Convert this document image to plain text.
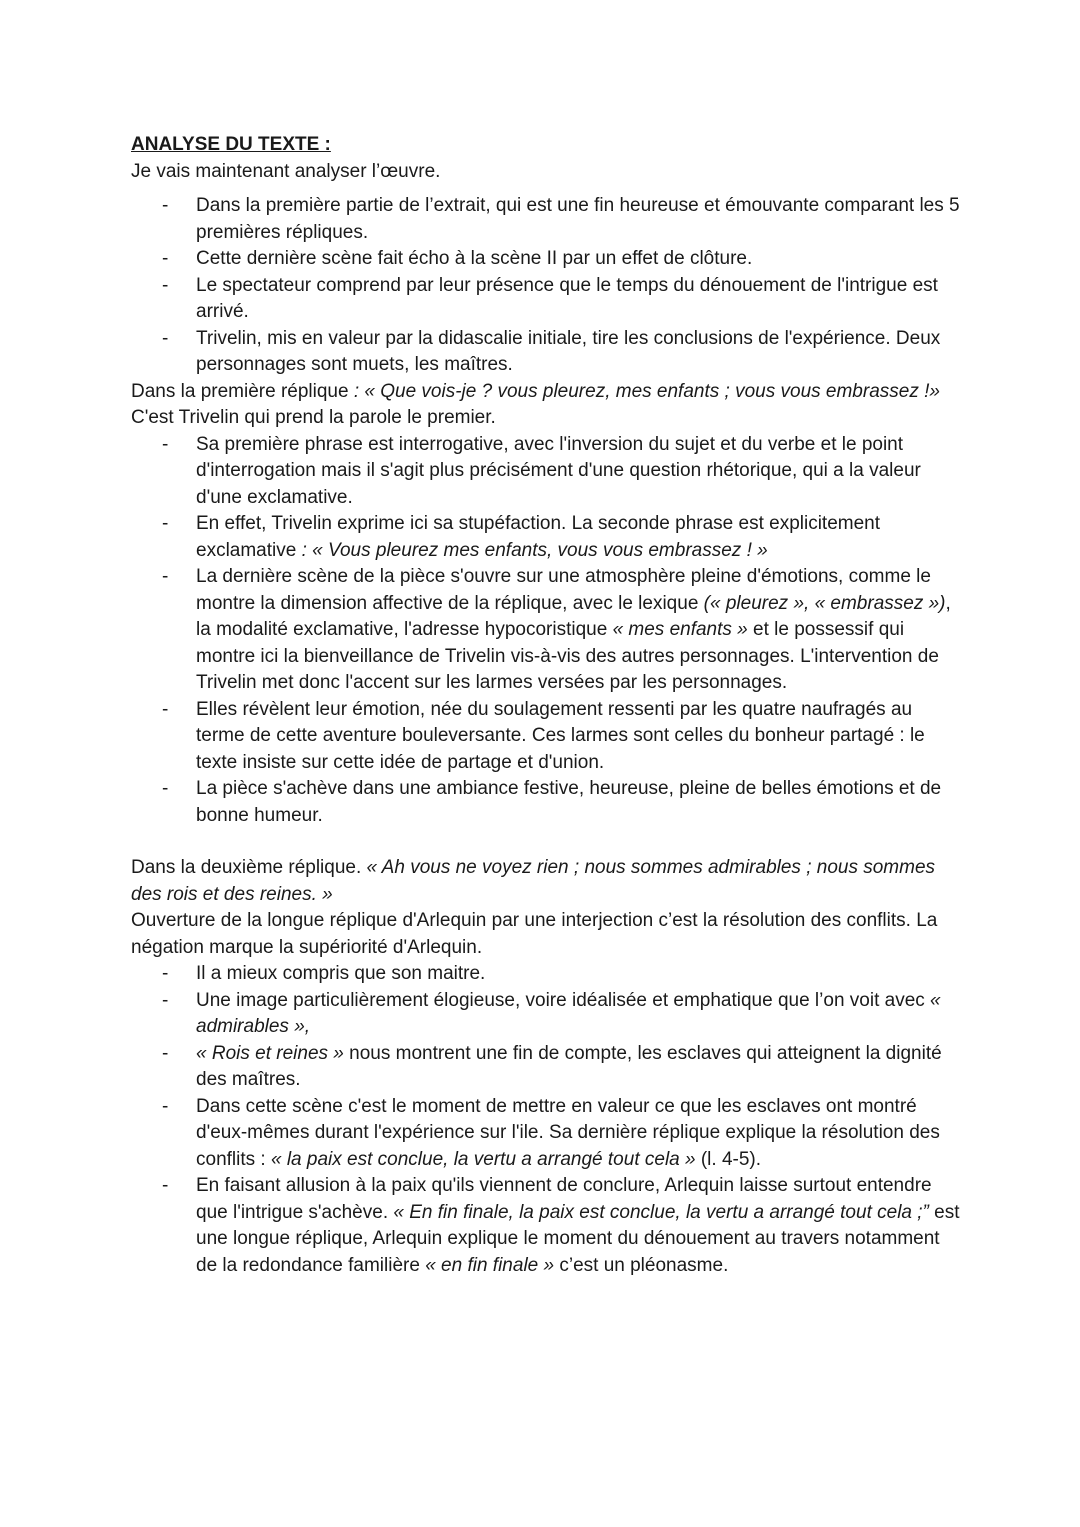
ANALYSE DU TEXTE :

Je vais maintenant analyser l’œuvre.

- Dans la première partie de l’extrait, qui est une fin heureuse et émouvante comparant les 5 premières répliques.
- Cette dernière scène fait écho à la scène II par un effet de clôture.
- Le spectateur comprend par leur présence que le temps du dénouement de l'intrigue est arrivé.
- Trivelin, mis en valeur par la didascalie initiale, tire les conclusions de l'expérience. Deux personnages sont muets, les maîtres.

Dans la première réplique : « Que vois-je ? vous pleurez, mes enfants ; vous vous embrassez !» C'est Trivelin qui prend la parole le premier.

- Sa première phrase est interrogative, avec l'inversion du sujet et du verbe et le point d'interrogation mais il s'agit plus précisément d'une question rhétorique, qui a la valeur d'une exclamative.
- En effet, Trivelin exprime ici sa stupéfaction. La seconde phrase est explicitement exclamative : « Vous pleurez mes enfants, vous vous embrassez ! »
- La dernière scène de la pièce s'ouvre sur une atmosphère pleine d'émotions, comme le montre la dimension affective de la réplique, avec le lexique (« pleurez », « embrassez »), la modalité exclamative, l'adresse hypocoristique « mes enfants » et le possessif qui montre ici la bienveillance de Trivelin vis-à-vis des autres personnages. L'intervention de Trivelin met donc l'accent sur les larmes versées par les personnages.
- Elles révèlent leur émotion, née du soulagement ressenti par les quatre naufragés au terme de cette aventure bouleversante. Ces larmes sont celles du bonheur partagé : le texte insiste sur cette idée de partage et d'union.
- La pièce s'achève dans une ambiance festive, heureuse, pleine de belles émotions et de bonne humeur.

Dans la deuxième réplique. « Ah vous ne voyez rien ; nous sommes admirables ; nous sommes des rois et des reines. »

Ouverture de la longue réplique d'Arlequin par une interjection c’est la résolution des conflits. La négation marque la supériorité d'Arlequin.

- Il a mieux compris que son maitre.
- Une image particulièrement élogieuse, voire idéalisée et emphatique que l’on voit avec « admirables »,
- « Rois et reines » nous montrent une fin de compte, les esclaves qui atteignent la dignité des maîtres.
- Dans cette scène c'est le moment de mettre en valeur ce que les esclaves ont montré d'eux-mêmes durant l'expérience sur l'ile. Sa dernière réplique explique la résolution des conflits : « la paix est conclue, la vertu a arrangé tout cela » (l. 4-5).
- En faisant allusion à la paix qu'ils viennent de conclure, Arlequin laisse surtout entendre que l'intrigue s'achève. « En fin finale, la paix est conclue, la vertu a arrangé tout cela ;” est une longue réplique, Arlequin explique le moment du dénouement au travers notamment de la redondance familière « en fin finale » c’est un pléonasme.
